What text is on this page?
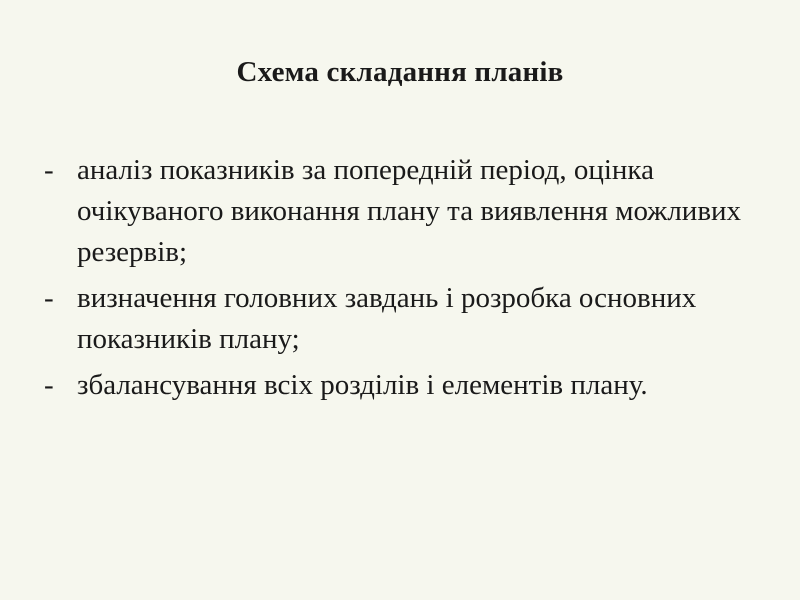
Схема складання планів
- аналіз показників за попередній період, оцінка очікуваного виконання плану та виявлення можливих резервів;
- визначення головних завдань і розробка основних показників плану;
- збалансування всіх розділів і елементів плану.
